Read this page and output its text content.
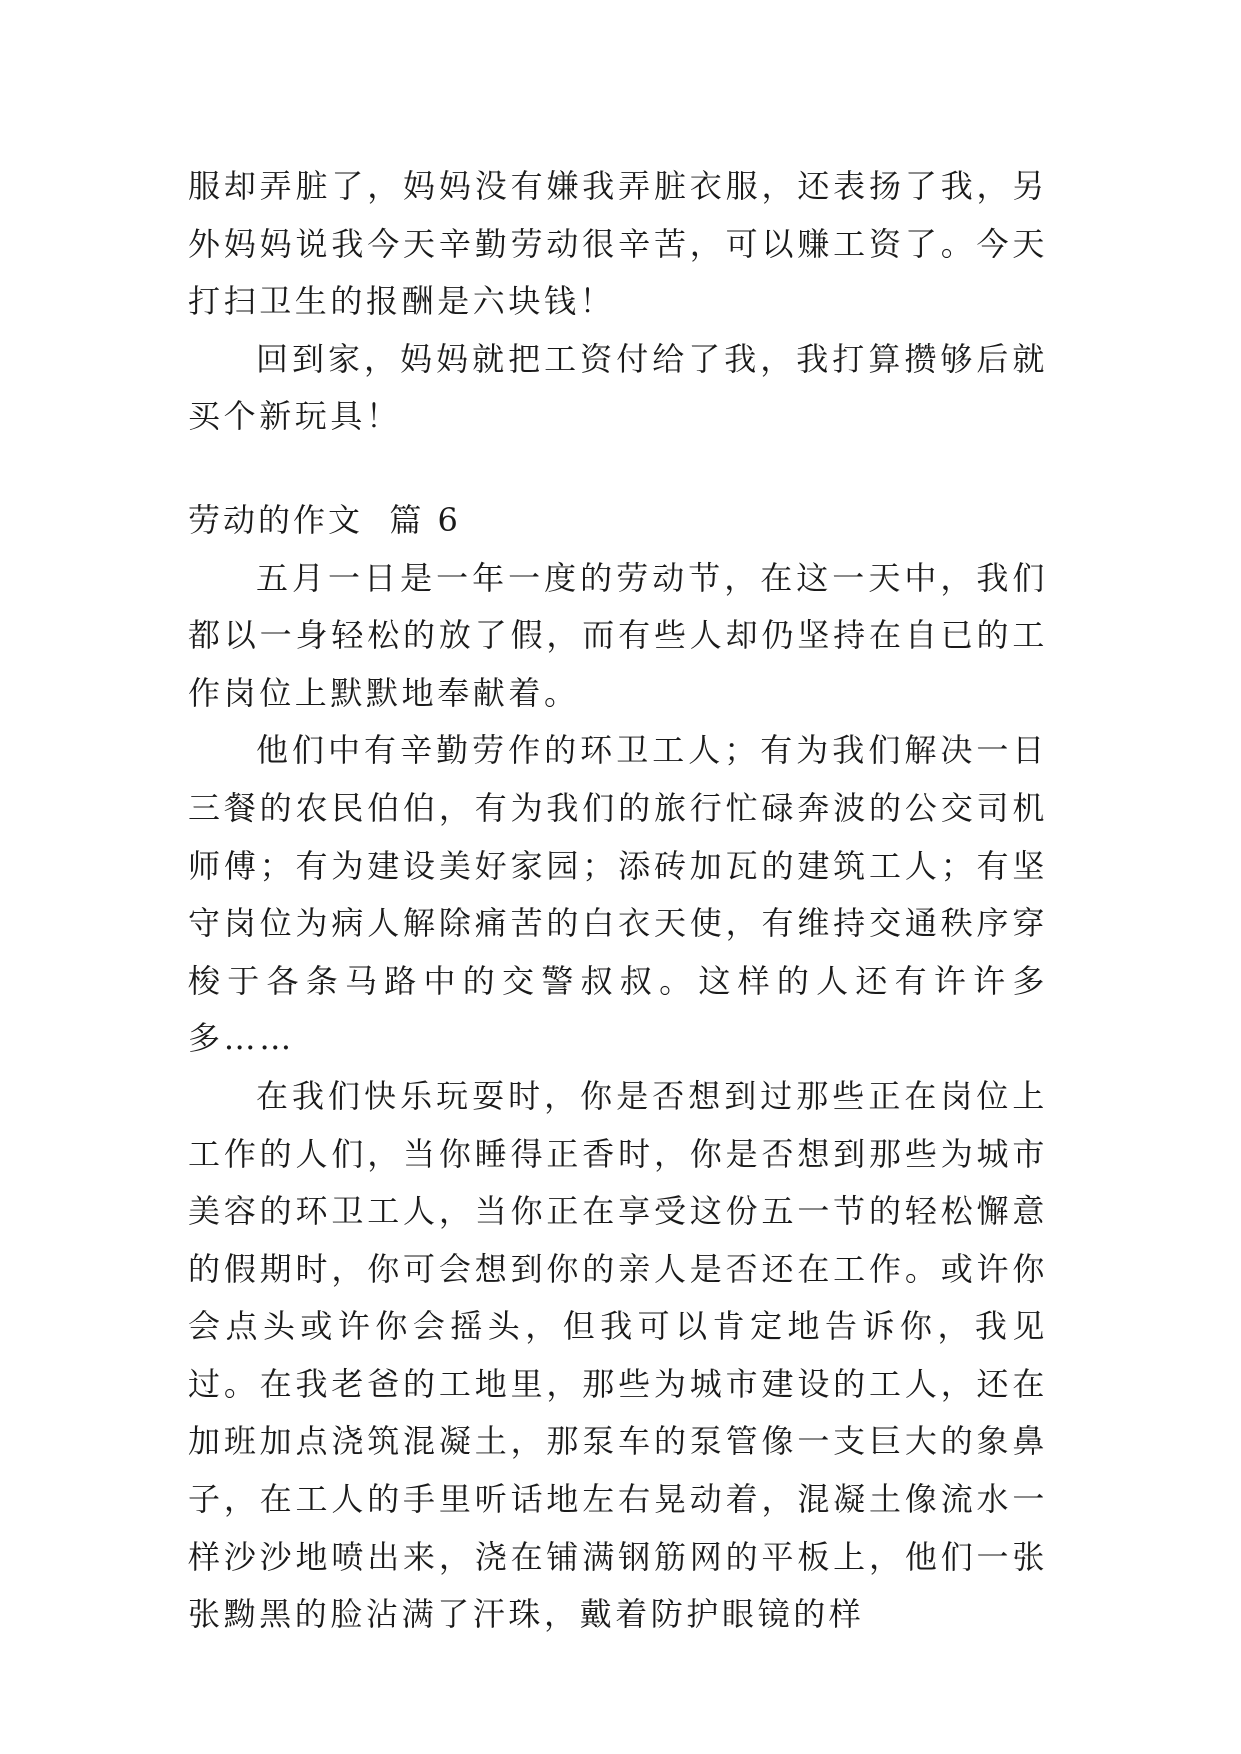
服却弄脏了，妈妈没有嫌我弄脏衣服，还表扬了我，另外妈妈说我今天辛勤劳动很辛苦，可以赚工资了。今天打扫卫生的报酬是六块钱！

回到家，妈妈就把工资付给了我，我打算攒够后就买个新玩具！

劳动的作文  篇 6

五月一日是一年一度的劳动节，在这一天中，我们都以一身轻松的放了假，而有些人却仍坚持在自已的工作岗位上默默地奉献着。

他们中有辛勤劳作的环卫工人；有为我们解决一日三餐的农民伯伯，有为我们的旅行忙碌奔波的公交司机师傅；有为建设美好家园；添砖加瓦的建筑工人；有坚守岗位为病人解除痛苦的白衣天使，有维持交通秩序穿梭于各条马路中的交警叔叔。这样的人还有许许多多……

在我们快乐玩耍时，你是否想到过那些正在岗位上工作的人们，当你睡得正香时，你是否想到那些为城市美容的环卫工人，当你正在享受这份五一节的轻松懈意的假期时，你可会想到你的亲人是否还在工作。或许你会点头或许你会摇头，但我可以肯定地告诉你，我见过。在我老爸的工地里，那些为城市建设的工人，还在加班加点浇筑混凝土，那泵车的泵管像一支巨大的象鼻子，在工人的手里听话地左右晃动着，混凝土像流水一样沙沙地喷出来，浇在铺满钢筋网的平板上，他们一张张黝黑的脸沾满了汗珠，戴着防护眼镜的样
